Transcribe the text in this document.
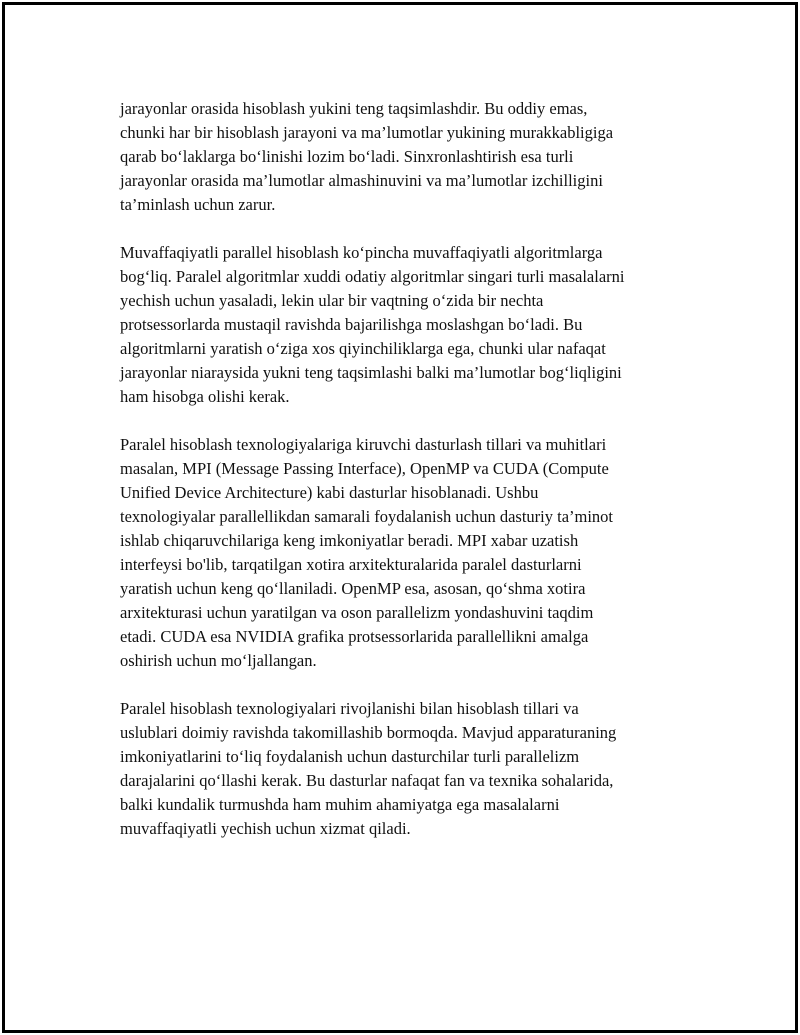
jarayonlar orasida hisoblash yukini teng taqsimlashdir. Bu oddiy emas,
chunki har bir hisoblash jarayoni va ma’lumotlar yukining murakkabligiga
qarab bo‘laklarga bo‘linishi lozim bo‘ladi. Sinxronlashtirish esa turli
jarayonlar orasida ma’lumotlar almashinuvini va ma’lumotlar izchilligini
ta’minlash uchun zarur.

Muvaffaqiyatli parallel hisoblash ko‘pincha muvaffaqiyatli algoritmlarga
bog‘liq. Paralel algoritmlar xuddi odatiy algoritmlar singari turli masalalarni
yechish uchun yasaladi, lekin ular bir vaqtning o‘zida bir nechta
protsessorlarda mustaqil ravishda bajarilishga moslashgan bo‘ladi. Bu
algoritmlarni yaratish o‘ziga xos qiyinchiliklarga ega, chunki ular nafaqat
jarayonlar niaraysida yukni teng taqsimlashi balki ma’lumotlar bog‘liqligini
ham hisobga olishi kerak.

Paralel hisoblash texnologiyalariga kiruvchi dasturlash tillari va muhitlari
masalan, MPI (Message Passing Interface), OpenMP va CUDA (Compute
Unified Device Architecture) kabi dasturlar hisoblanadi. Ushbu
texnologiyalar parallellikdan samarali foydalanish uchun dasturiy ta’minot
ishlab chiqaruvchilariga keng imkoniyatlar beradi. MPI xabar uzatish
interfeysi bo'lib, tarqatilgan xotira arxitekturalarida paralel dasturlarni
yaratish uchun keng qo‘llaniladi. OpenMP esa, asosan, qo‘shma xotira
arxitekturasi uchun yaratilgan va oson parallelizm yondashuvini taqdim
etadi. CUDA esa NVIDIA grafika protsessorlarida parallellikni amalga
oshirish uchun mo‘ljallangan.

Paralel hisoblash texnologiyalari rivojlanishi bilan hisoblash tillari va
uslublari doimiy ravishda takomillashib bormoqda. Mavjud apparaturaning
imkoniyatlarini to‘liq foydalanish uchun dasturchilar turli parallelizm
darajalarini qo‘llashi kerak. Bu dasturlar nafaqat fan va texnika sohalarida,
balki kundalik turmushda ham muhim ahamiyatga ega masalalarni
muvaffaqiyatli yechish uchun xizmat qiladi.
